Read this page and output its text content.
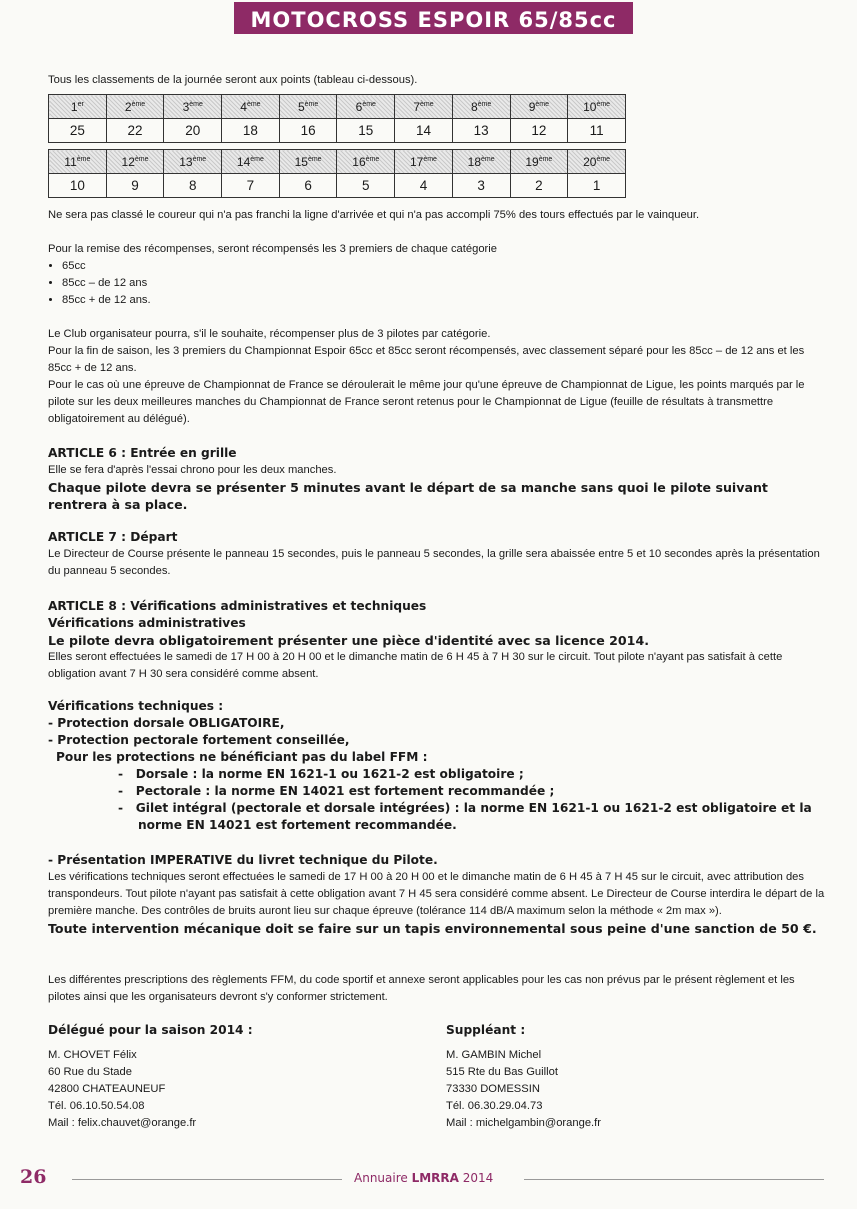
MOTOCROSS ESPOIR 65/85cc
Tous les classements de la journée seront aux points (tableau ci-dessous).
1er	2ème	3ème	4ème	5ème	6ème	7ème	8ème	9ème	10ème
25	22	20	18	16	15	14	13	12	11
11ème	12ème	13ème	14ème	15ème	16ème	17ème	18ème	19ème	20ème
10	9	8	7	6	5	4	3	2	1
Ne sera pas classé le coureur qui n'a pas franchi la ligne d'arrivée et qui n'a pas accompli 75% des tours effectués par le vainqueur.
Pour la remise des récompenses, seront récompensés les 3 premiers de chaque catégorie
• 65cc
• 85cc – de 12 ans
• 85cc + de 12 ans.
Le Club organisateur pourra, s'il le souhaite, récompenser plus de 3 pilotes par catégorie.
Pour la fin de saison, les 3 premiers du Championnat Espoir 65cc et 85cc seront récompensés, avec classement séparé pour les 85cc – de 12 ans et les 85cc + de 12 ans.
Pour le cas où une épreuve de Championnat de France se déroulerait le même jour qu'une épreuve de Championnat de Ligue, les points marqués par le pilote sur les deux meilleures manches du Championnat de France seront retenus pour le Championnat de Ligue (feuille de résultats à transmettre obligatoirement au délégué).
ARTICLE 6 : Entrée en grille
Elle se fera d'après l'essai chrono pour les deux manches.
Chaque pilote devra se présenter 5 minutes avant le départ de sa manche sans quoi le pilote suivant rentrera à sa place.
ARTICLE 7 : Départ
Le Directeur de Course présente le panneau 15 secondes, puis le panneau 5 secondes, la grille sera abaissée entre 5 et 10 secondes après la présentation du panneau 5 secondes.
ARTICLE 8 : Vérifications administratives et techniques
Vérifications administratives
Le pilote devra obligatoirement présenter une pièce d'identité avec sa licence 2014.
Elles seront effectuées le samedi de 17 H 00 à 20 H 00 et le dimanche matin de 6 H 45 à 7 H 30 sur le circuit. Tout pilote n'ayant pas satisfait à cette obligation avant 7 H 30 sera considéré comme absent.
Vérifications techniques :
- Protection dorsale OBLIGATOIRE,
- Protection pectorale fortement conseillée,
Pour les protections ne bénéficiant pas du label FFM :
-   Dorsale : la norme EN 1621-1 ou 1621-2 est obligatoire ;
-   Pectorale : la norme EN 14021 est fortement recommandée ;
-   Gilet intégral (pectorale et dorsale intégrées) : la norme EN 1621-1 ou 1621-2 est obligatoire et la norme EN 14021 est fortement recommandée.
- Présentation IMPERATIVE du livret technique du Pilote.
Les vérifications techniques seront effectuées le samedi de 17 H 00 à 20 H 00 et le dimanche matin de 6 H 45 à 7 H 45 sur le circuit, avec attribution des transpondeurs. Tout pilote n'ayant pas satisfait à cette obligation avant 7 H 45 sera considéré comme absent. Le Directeur de Course interdira le départ de la première manche. Des contrôles de bruits auront lieu sur chaque épreuve (tolérance 114 dB/A maximum selon la méthode « 2m max »).
Toute intervention mécanique doit se faire sur un tapis environnemental sous peine d'une sanction de 50 €.
Les différentes prescriptions des règlements FFM, du code sportif et annexe seront applicables pour les cas non prévus par le présent règlement et les pilotes ainsi que les organisateurs devront s'y conformer strictement.
Délégué pour la saison 2014 :
M. CHOVET Félix
60 Rue du Stade
42800 CHATEAUNEUF
Tél. 06.10.50.54.08
Mail : felix.chauvet@orange.fr
Suppléant :
M. GAMBIN Michel
515 Rte du Bas Guillot
73330 DOMESSIN
Tél. 06.30.29.04.73
Mail : michelgambin@orange.fr
26	Annuaire LMRRA 2014
